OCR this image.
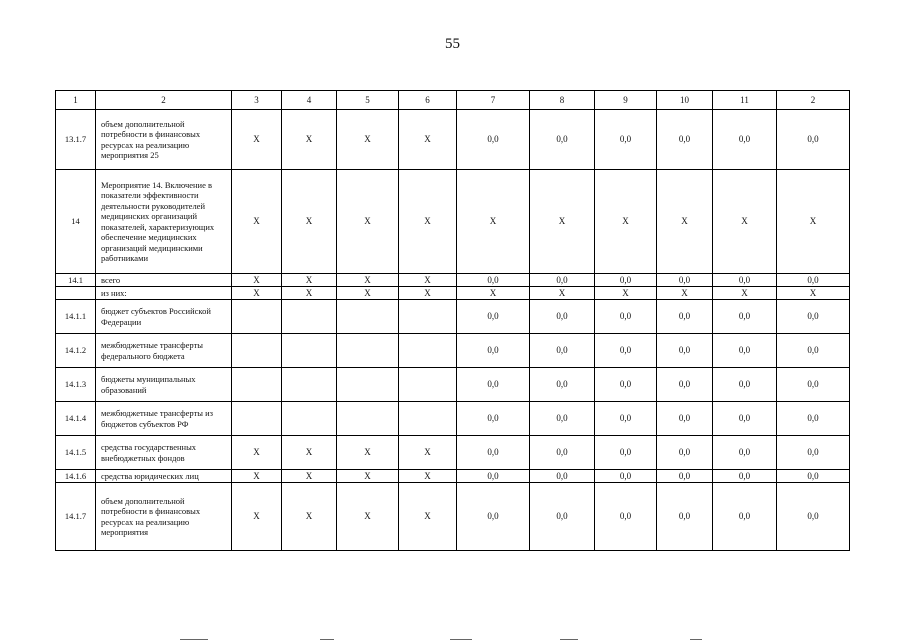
55
1	2	3	4	5	6	7	8	9	10	11	2
13.1.7	объем дополнительной потребности в финансовых ресурсах на реализацию мероприятия 25	X	X	X	X	0,0	0,0	0,0	0,0	0,0	0,0
14	Мероприятие 14. Включение в показатели эффективности деятельности руководителей медицинских организаций показателей, характеризующих обеспечение медицинских организаций медицинскими работниками	X	X	X	X	X	X	X	X	X	X
14.1	всего	X	X	X	X	0,0	0,0	0,0	0,0	0,0	0,0
	из них:	X	X	X	X	X	X	X	X	X	X
14.1.1	бюджет субъектов Российской Федерации					0,0	0,0	0,0	0,0	0,0	0,0
14.1.2	межбюджетные трансферты федерального бюджета					0,0	0,0	0,0	0,0	0,0	0,0
14.1.3	бюджеты муниципальных образований					0,0	0,0	0,0	0,0	0,0	0,0
14.1.4	межбюджетные трансферты из бюджетов субъектов РФ					0,0	0,0	0,0	0,0	0,0	0,0
14.1.5	средства государственных внебюджетных фондов	X	X	X	X	0,0	0,0	0,0	0,0	0,0	0,0
14.1.6	средства юридических лиц	X	X	X	X	0,0	0,0	0,0	0,0	0,0	0,0
14.1.7	объем дополнительной потребности в финансовых ресурсах на реализацию мероприятия	X	X	X	X	0,0	0,0	0,0	0,0	0,0	0,0
